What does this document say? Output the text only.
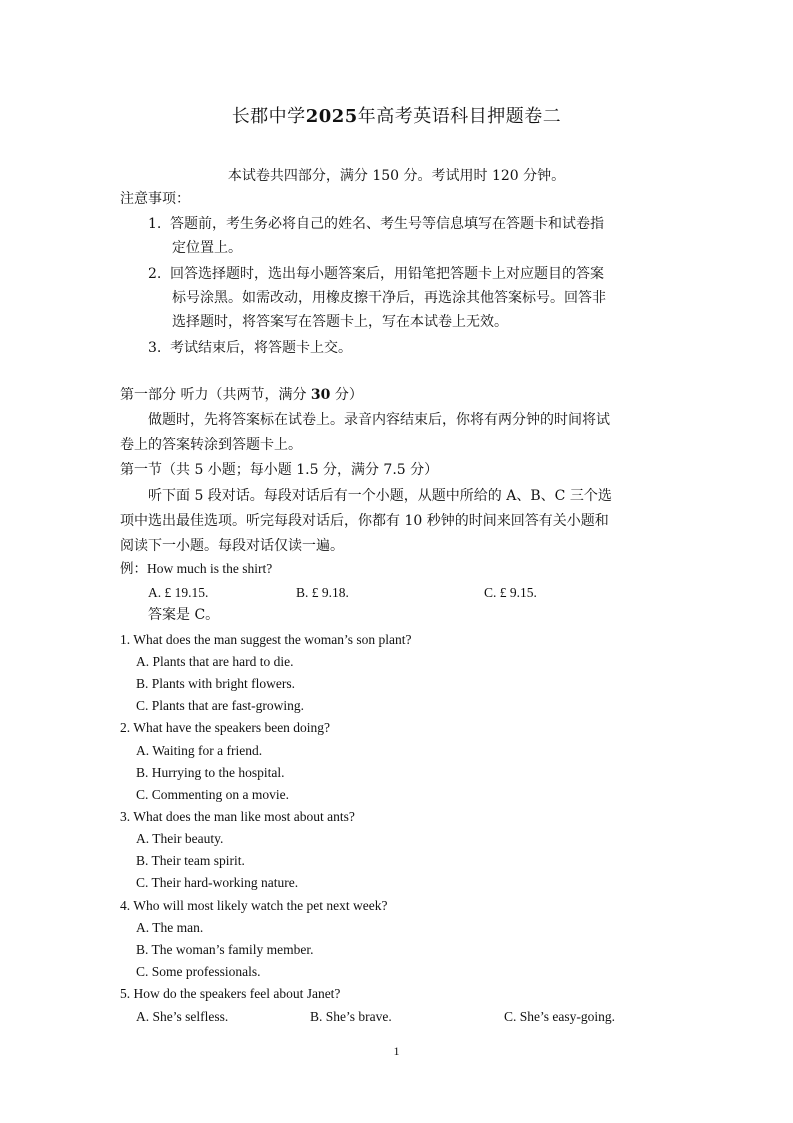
长郡中学2025年高考英语科目押题卷二
本试卷共四部分，满分 150 分。考试用时 120 分钟。
注意事项：
1. 答题前，考生务必将自己的姓名、考生号等信息填写在答题卡和试卷指
定位置上。
2. 回答选择题时，选出每小题答案后，用铅笔把答题卡上对应题目的答案
标号涂黑。如需改动，用橡皮擦干净后，再选涂其他答案标号。回答非
选择题时，将答案写在答题卡上，写在本试卷上无效。
3. 考试结束后，将答题卡上交。
第一部分 听力（共两节，满分 30 分）
做题时，先将答案标在试卷上。录音内容结束后，你将有两分钟的时间将试
卷上的答案转涂到答题卡上。
第一节（共 5 小题；每小题 1.5 分，满分 7.5 分）
听下面 5 段对话。每段对话后有一个小题，从题中所给的 A、B、C 三个选
项中选出最佳选项。听完每段对话后，你都有 10 秒钟的时间来回答有关小题和
阅读下一小题。每段对话仅读一遍。
例：How much is the shirt?
A. £ 19.15.	B. £ 9.18.	C. £ 9.15.
答案是 C。
1. What does the man suggest the woman’s son plant?
A. Plants that are hard to die.
B. Plants with bright flowers.
C. Plants that are fast-growing.
2. What have the speakers been doing?
A. Waiting for a friend.
B. Hurrying to the hospital.
C. Commenting on a movie.
3. What does the man like most about ants?
A. Their beauty.
B. Their team spirit.
C. Their hard-working nature.
4. Who will most likely watch the pet next week?
A. The man.
B. The woman’s family member.
C. Some professionals.
5. How do the speakers feel about Janet?
A. She’s selfless.	B. She’s brave.	C. She’s easy-going.
1
